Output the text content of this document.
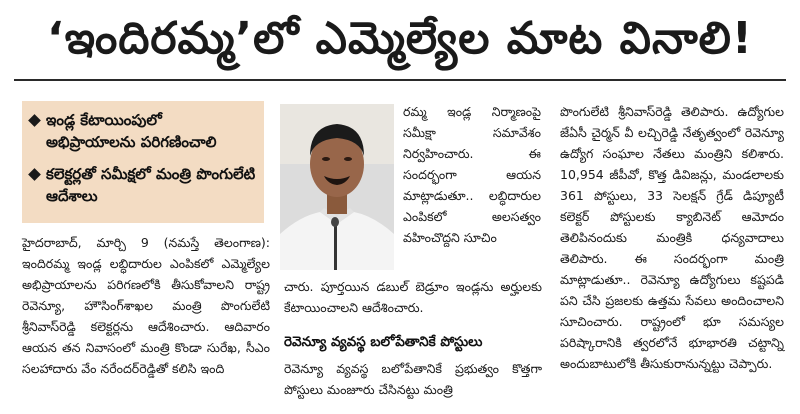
‘ఇందిరమ్మ’లో ఎమ్మెల్యేల మాట వినాలి!
ఇండ్ల కేటాయింపులో అభిప్రాయాలను పరిగణించాలి
కలెక్టర్లతో సమీక్షలో మంత్రి పొంగులేటి ఆదేశాలు

హైదరాబాద్, మార్చి 9 (నమస్తే తెలంగాణ): ఇందిరమ్మ ఇండ్ల లబ్ధిదారుల ఎంపికలో ఎమ్మెల్యేల అభిప్రాయాలను పరిగణలోకి తీసుకోవాలని రాష్ట్ర రెవెన్యూ, హౌసింగ్‌శాఖల మంత్రి పొంగులేటి శ్రీనివాస్‌రెడ్డి కలెక్టర్లను ఆదేశించారు. ఆదివారం ఆయన తన నివాసంలో మంత్రి కొండా సురేఖ, సీఎం సలహాదారు వేం నరేందర్‌రెడ్డితో కలిసి ఇంది

రమ్మ ఇండ్ల నిర్మాణంపై సమీక్షా సమావేశం నిర్వహించారు. ఈ సందర్భంగా ఆయన మాట్లాడుతూ.. లబ్ధిదారుల ఎంపికలో అలసత్వం వహించొద్దని సూచిం

చారు. పూర్తయిన డబుల్ బెడ్రూం ఇండ్లను అర్హులకు కేటాయించాలని ఆదేశించారు.

రెవెన్యూ వ్యవస్థ బలోపేతానికే పోస్టులు

రెవెన్యూ వ్యవస్థ బలోపేతానికే ప్రభుత్వం కొత్తగా పోస్టులు మంజూరు చేసినట్టు మంత్రి

పొంగులేటి శ్రీనివాస్‌రెడ్డి తెలిపారు. ఉద్యోగుల జేఏసీ చైర్మన్ వీ లచ్చిరెడ్డి నేతృత్వంలో రెవెన్యూ ఉద్యోగ సంఘాల నేతలు మంత్రిని కలిశారు. 10,954 జీపీవో, కొత్త డివిజన్లు, మండలాలకు 361 పోస్టులు, 33 సెలక్షన్ గ్రేడ్ డిప్యూటీ కలెక్టర్ పోస్టులకు క్యాబినెట్ ఆమోదం తెలిపినందుకు మంత్రికి ధన్యవాదాలు తెలిపారు. ఈ సందర్భంగా మంత్రి మాట్లాడుతూ.. రెవెన్యూ ఉద్యోగులు కష్టపడి పని చేసి ప్రజలకు ఉత్తమ సేవలు అందించాలని సూచించారు. రాష్ట్రంలో భూ సమస్యల పరిష్కారానికి త్వరలోనే భూభారతి చట్టాన్ని అందుబాటులోకి తీసుకురానున్నట్టు చెప్పారు.
